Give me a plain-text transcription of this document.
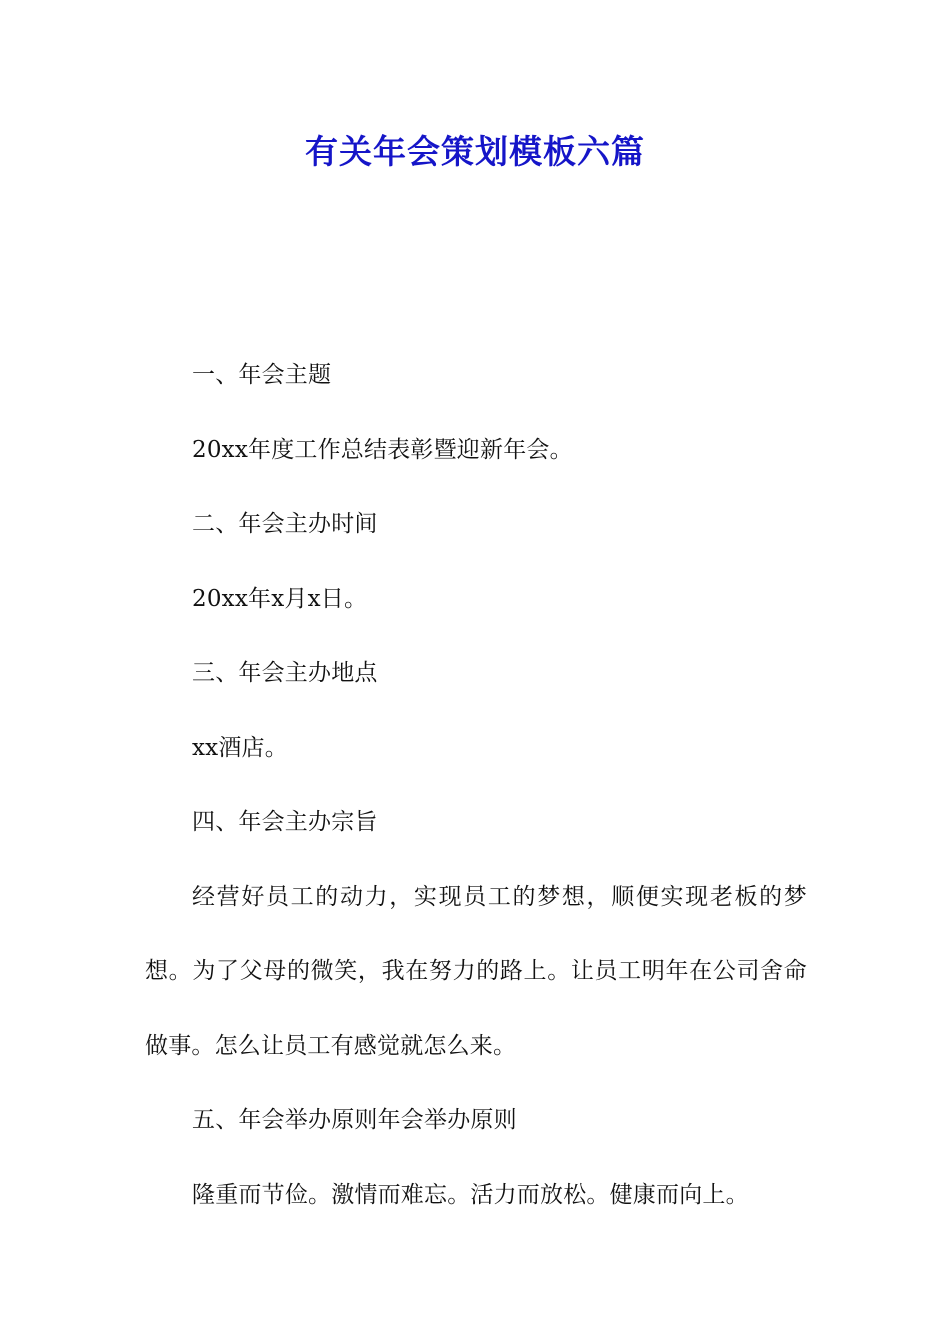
有关年会策划模板六篇

一、年会主题

20xx年度工作总结表彰暨迎新年会。

二、年会主办时间

20xx年x月x日。

三、年会主办地点

xx酒店。

四、年会主办宗旨

经营好员工的动力，实现员工的梦想，顺便实现老板的梦想。为了父母的微笑，我在努力的路上。让员工明年在公司舍命做事。怎么让员工有感觉就怎么来。

五、年会举办原则年会举办原则

隆重而节俭。激情而难忘。活力而放松。健康而向上。
